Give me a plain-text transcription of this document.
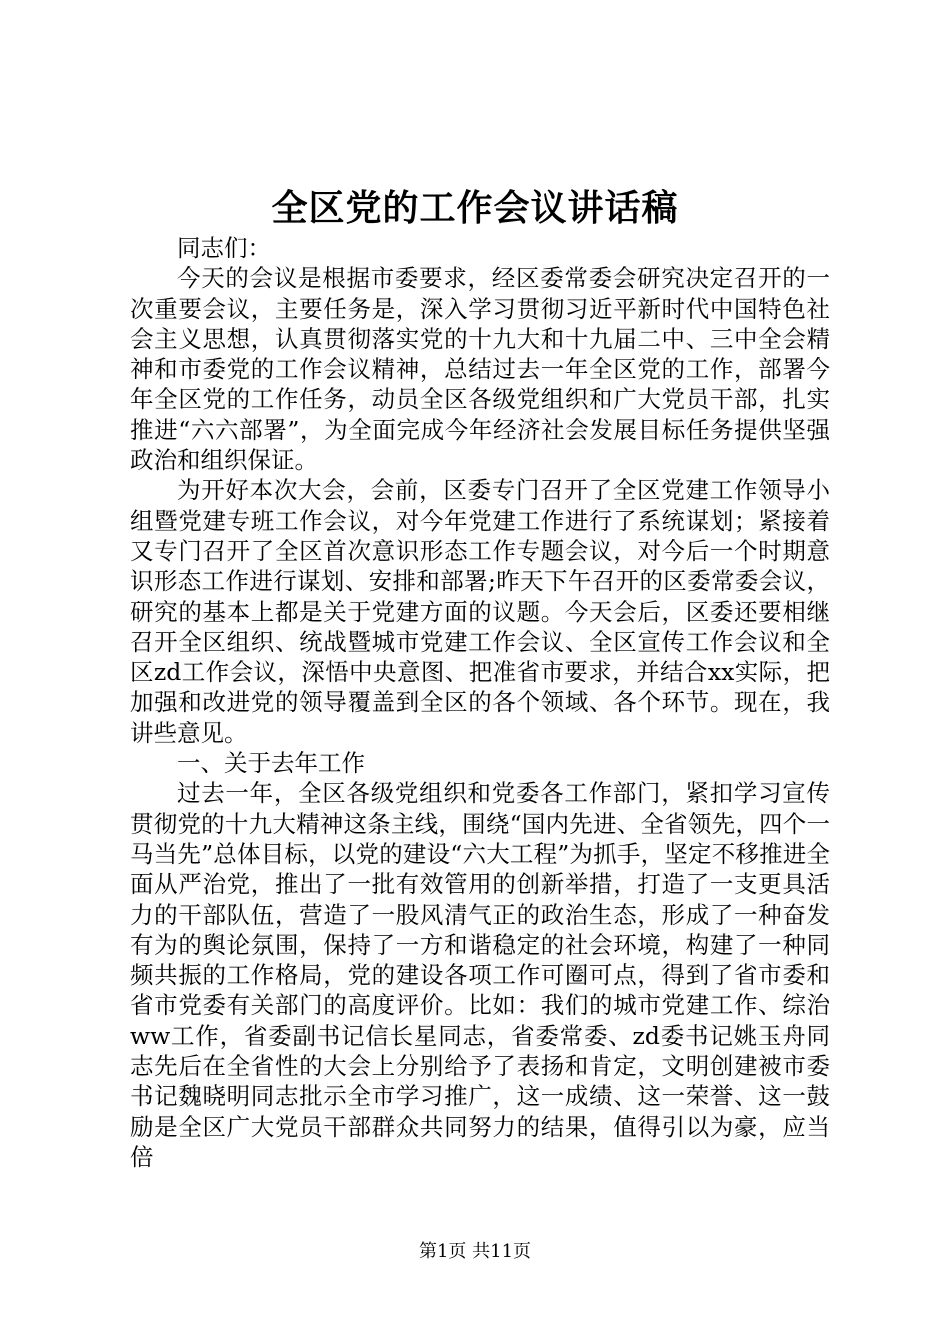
全区党的工作会议讲话稿

同志们：

今天的会议是根据市委要求，经区委常委会研究决定召开的一次重要会议，主要任务是，深入学习贯彻习近平新时代中国特色社会主义思想，认真贯彻落实党的十九大和十九届二中、三中全会精神和市委党的工作会议精神，总结过去一年全区党的工作，部署今年全区党的工作任务，动员全区各级党组织和广大党员干部，扎实推进“六六部署”，为全面完成今年经济社会发展目标任务提供坚强政治和组织保证。

为开好本次大会，会前，区委专门召开了全区党建工作领导小组暨党建专班工作会议，对今年党建工作进行了系统谋划；紧接着又专门召开了全区首次意识形态工作专题会议，对今后一个时期意识形态工作进行谋划、安排和部署;昨天下午召开的区委常委会议，研究的基本上都是关于党建方面的议题。今天会后，区委还要相继召开全区组织、统战暨城市党建工作会议、全区宣传工作会议和全区zd工作会议，深悟中央意图、把准省市要求，并结合xx实际，把加强和改进党的领导覆盖到全区的各个领域、各个环节。现在，我讲些意见。

一、关于去年工作

过去一年，全区各级党组织和党委各工作部门，紧扣学习宣传贯彻党的十九大精神这条主线，围绕“国内先进、全省领先，四个一马当先”总体目标，以党的建设“六大工程”为抓手，坚定不移推进全面从严治党，推出了一批有效管用的创新举措，打造了一支更具活力的干部队伍，营造了一股风清气正的政治生态，形成了一种奋发有为的舆论氛围，保持了一方和谐稳定的社会环境，构建了一种同频共振的工作格局，党的建设各项工作可圈可点，得到了省市委和省市党委有关部门的高度评价。比如：我们的城市党建工作、综治ww工作，省委副书记信长星同志，省委常委、zd委书记姚玉舟同志先后在全省性的大会上分别给予了表扬和肯定，文明创建被市委书记魏晓明同志批示全市学习推广，这一成绩、这一荣誉、这一鼓励是全区广大党员干部群众共同努力的结果，值得引以为豪，应当倍

第1页 共11页
